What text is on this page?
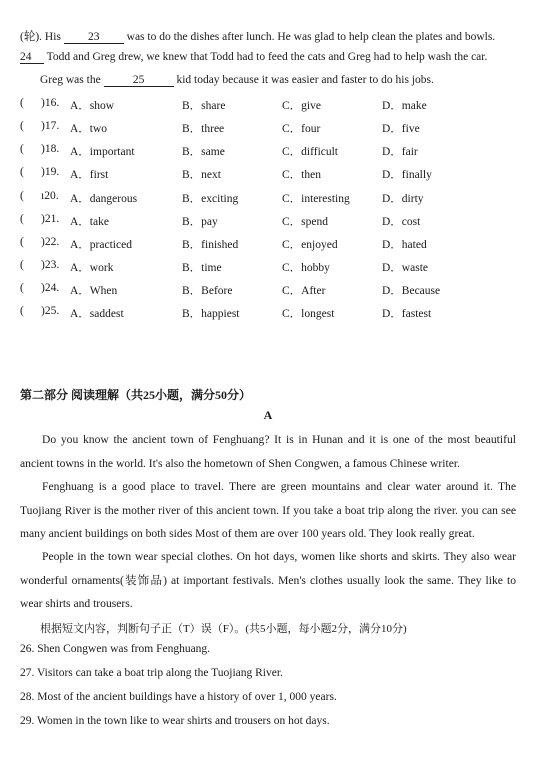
(轮). His 23 was to do the dishes after lunch. He was glad to help clean the plates and bowls.
24 Todd and Greg drew, we knew that Todd had to feed the cats and Greg had to help wash the car.
Greg was the	25	kid today because it was easier and faster to do his jobs.
( )16. A．show	B．share	C．give	D．make
( )17. A．two	B．three	C．four	D．five
( )18. A．important	B．same	C．difficult	D．fair
( )19. A．first	B．next	C．then	D．finally
( ı20. A．dangerous	B．exciting	C．interesting	D．dirty
( )21. A．take	B．pay	C．spend	D．cost
( )22. A．practiced	B．finished	C．enjoyed	D．hated
( )23. A．work	B．time	C．hobby	D．waste
( )24. A．When	B．Before	C．After	D．Because
( )25. A．saddest	B．happiest	C．longest	D．fastest
第二部分 阅读理解（共25小题，满分50分）
A
Do you know the ancient town of Fenghuang? It is in Hunan and it is one of the most beautiful ancient towns in the world. It's also the hometown of Shen Congwen, a famous Chinese writer.
Fenghuang is a good place to travel. There are green mountains and clear water around it. The Tuojiang River is the mother river of this ancient town. If you take a boat trip along the river. you can see many ancient buildings on both sides Most of them are over 100 years old. They look really great.
People in the town wear special clothes. On hot days, women like shorts and skirts. They also wear wonderful ornaments(装饰品) at important festivals. Men's clothes usually look the same. They like to wear shirts and trousers.
根据短文内容，判断句子正（T）误（F）。(共5小题，每小题2分，满分10分)
26. Shen Congwen was from Fenghuang.
27. Visitors can take a boat trip along the Tuojiang River.
28. Most of the ancient buildings have a history of over 1, 000 years.
29. Women in the town like to wear shirts and trousers on hot days.
